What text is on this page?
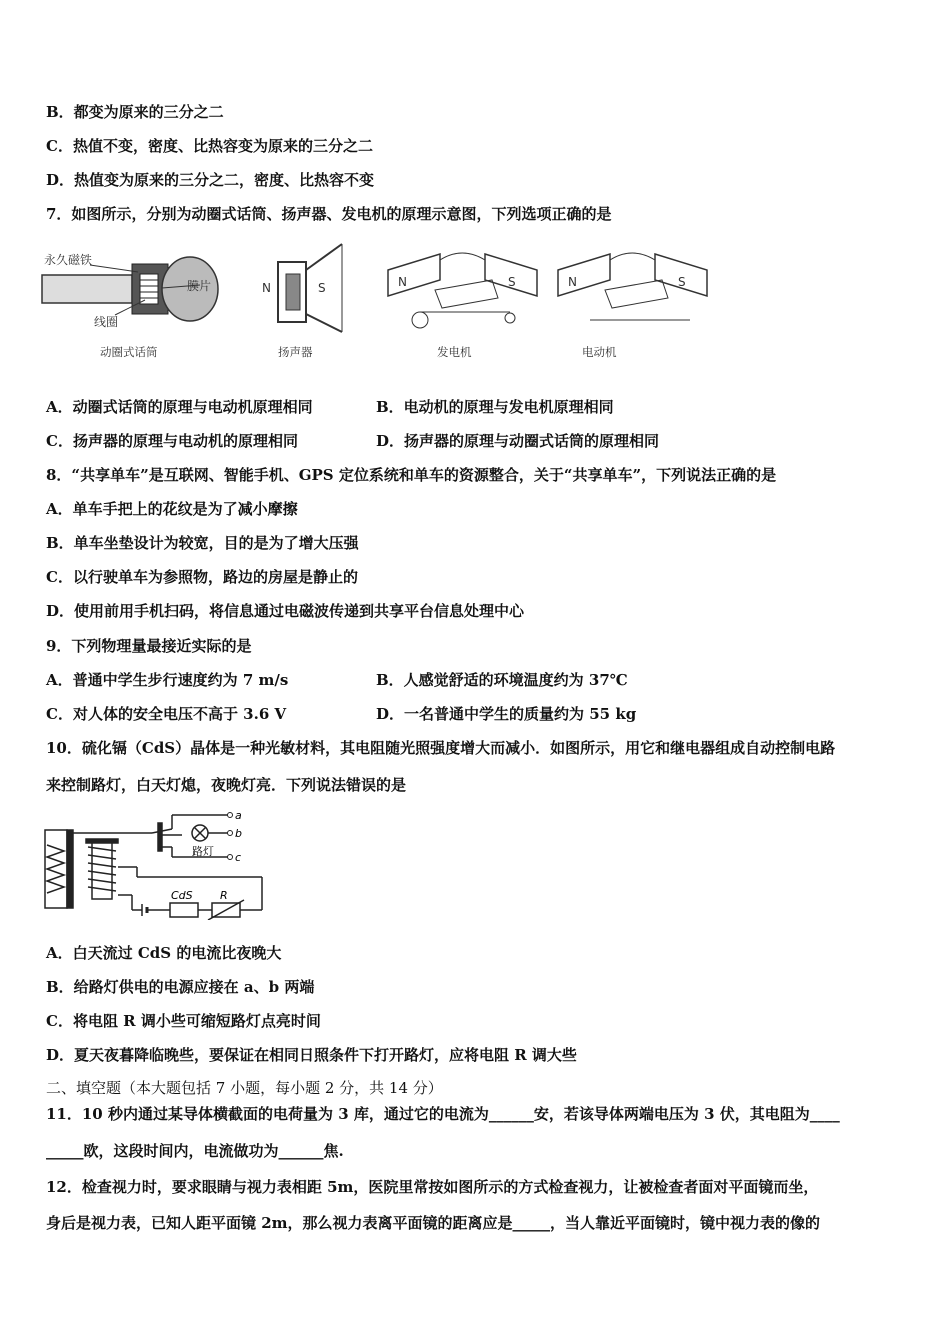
B．都变为原来的三分之二
C．热值不变，密度、比热容变为原来的三分之二
D．热值变为原来的三分之二，密度、比热容不变
7．如图所示，分别为动圈式话筒、扬声器、发电机的原理示意图，下列选项正确的是
永久磁铁
膜片
线圈
N	S	N	S	N	S
动圈式话筒	扬声器	发电机	电动机
A．动圈式话筒的原理与电动机原理相同	B．电动机的原理与发电机原理相同
C．扬声器的原理与电动机的原理相同	D．扬声器的原理与动圈式话筒的原理相同
8．“共享单车”是互联网、智能手机、GPS 定位系统和单车的资源整合，关于“共享单车”，下列说法正确的是
A．单车手把上的花纹是为了减小摩擦
B．单车坐垫设计为较宽，目的是为了增大压强
C．以行驶单车为参照物，路边的房屋是静止的
D．使用前用手机扫码，将信息通过电磁波传递到共享平台信息处理中心
9．下列物理量最接近实际的是
A．普通中学生步行速度约为 7 m/s	B．人感觉舒适的环境温度约为 37℃
C．对人体的安全电压不高于 3.6 V	D．一名普通中学生的质量约为 55 kg
10．硫化镉（CdS）晶体是一种光敏材料，其电阻随光照强度增大而减小．如图所示，用它和继电器组成自动控制电路
来控制路灯，白天灯熄，夜晚灯亮．下列说法错误的是
a
b
c
路灯
CdS R
A．白天流过 CdS 的电流比夜晚大
B．给路灯供电的电源应接在 a、b 两端
C．将电阻 R 调小些可缩短路灯点亮时间
D．夏天夜暮降临晚些，要保证在相同日照条件下打开路灯，应将电阻 R 调大些
二、填空题（本大题包括 7 小题，每小题 2 分，共 14 分）
11．10 秒内通过某导体横截面的电荷量为 3 库，通过它的电流为______安，若该导体两端电压为 3 伏，其电阻为____
_____欧，这段时间内，电流做功为______焦.
12．检查视力时，要求眼睛与视力表相距 5m，医院里常按如图所示的方式检查视力，让被检查者面对平面镜而坐，
身后是视力表，已知人距平面镜 2m，那么视力表离平面镜的距离应是_____，当人靠近平面镜时，镜中视力表的像的
